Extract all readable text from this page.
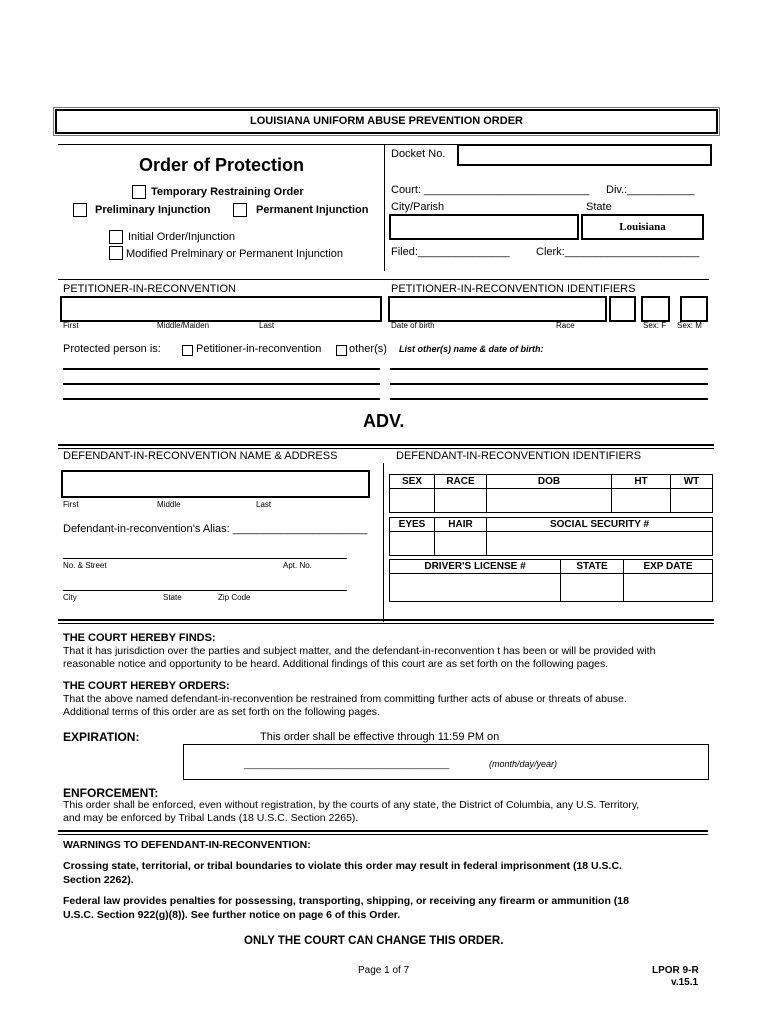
LOUISIANA UNIFORM ABUSE PREVENTION ORDER
Order of Protection
Temporary Restraining Order
Preliminary Injunction	Permanent Injunction
Initial Order/Injunction
Modified Prelminary or Permanent Injunction
Docket No.
Court: ___________________________ Div.:___________
City/Parish	State
Louisiana
Filed:_______________ Clerk:______________________
PETITIONER-IN-RECONVENTION	PETITIONER-IN-RECONVENTION IDENTIFIERS
First	Middle/Maiden	Last	Date of birth	Race	Sex: F Sex: M
Protected person is:	Petitioner-in-reconvention	other(s) List other(s) name & date of birth:
ADV.
DEFENDANT-IN-RECONVENTION NAME & ADDRESS	DEFENDANT-IN-RECONVENTION IDENTIFIERS
First	Middle	Last
Defendant-in-reconvention’s Alias: ______________________
No. & Street	Apt. No.
City	State	Zip Code
SEX	RACE	DOB	HT	WT

EYES	HAIR	SOCIAL SECURITY #

DRIVER'S LICENSE #	STATE	EXP DATE

THE COURT HEREBY FINDS:
That it has jurisdiction over the parties and subject matter, and the defendant-in-reconvention t has been or will be provided with
reasonable notice and opportunity to be heard. Additional findings of this court are as set forth on the following pages.
THE COURT HEREBY ORDERS:
That the above named defendant-in-reconvention be restrained from committing further acts of abuse or threats of abuse.
Additional terms of this order are as set forth on the following pages.
EXPIRATION:	This order shall be effective through 11:59 PM on
_________________________________________	(month/day/year)
ENFORCEMENT:
This order shall be enforced, even without registration, by the courts of any state, the District of Columbia, any U.S. Territory,
and may be enforced by Tribal Lands (18 U.S.C. Section 2265).
WARNINGS TO DEFENDANT-IN-RECONVENTION:
Crossing state, territorial, or tribal boundaries to violate this order may result in federal imprisonment (18 U.S.C.
Section 2262).
Federal law provides penalties for possessing, transporting, shipping, or receiving any firearm or ammunition (18
U.S.C. Section 922(g)(8)). See further notice on page 6 of this Order.
ONLY THE COURT CAN CHANGE THIS ORDER.
Page 1 of 7	LPOR 9-R
v.15.1
